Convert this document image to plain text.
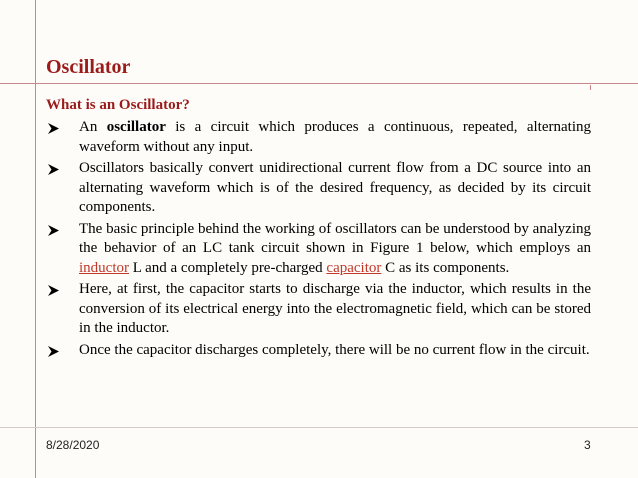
Oscillator
What is an Oscillator?
An oscillator is a circuit which produces a continuous, repeated, alternating waveform without any input.
Oscillators basically convert unidirectional current flow from a DC source into an alternating waveform which is of the desired frequency, as decided by its circuit components.
The basic principle behind the working of oscillators can be understood by analyzing the behavior of an LC tank circuit shown in Figure 1 below, which employs an inductor L and a completely pre-charged capacitor C as its components.
Here, at first, the capacitor starts to discharge via the inductor, which results in the conversion of its electrical energy into the electromagnetic field, which can be stored in the inductor.
Once the capacitor discharges completely, there will be no current flow in the circuit.
8/28/2020	3
